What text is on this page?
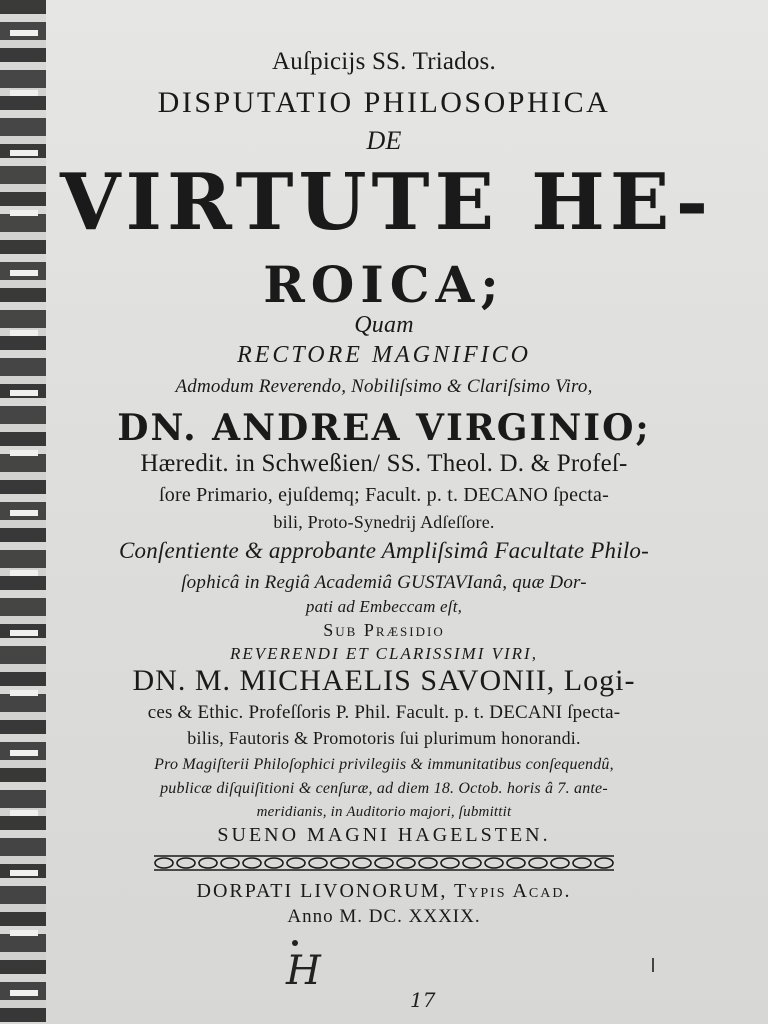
Auſpicijs SS. Triados.
DISPUTATIO PHILOSOPHICA
DE
VIRTUTE HE-
ROICA;
Quam
RECTORE MAGNIFICO
Admodum Reverendo, Nobiliſsimo & Clariſsimo Viro,
DN. ANDREA VIRGINIO;
Hæredit. in Schweßien/ SS. Theol. D. & Profeſ-
ſore Primario, ejuſdemq; Facult. p. t. DECANO ſpecta-
bili, Proto-Synedrij Adſeſſore.
Conſentiente & approbante Ampliſsimâ Facultate Philo-
ſophicâ in Regiâ Academiâ GUSTAVIanâ, quæ Dor-
pati ad Embeccam eſt,
Sub Præsidio
REVERENDI ET CLARISSIMI VIRI,
DN. M. MICHAELIS SAVONII, Logi-
ces & Ethic. Profeſſoris P. Phil. Facult. p. t. DECANI ſpecta-
bilis, Fautoris & Promotoris ſui plurimum honorandi.
Pro Magiſterii Philoſophici privilegiis & immunitatibus conſequendû,
publicæ diſquiſitioni & cenſuræ, ad diem 18. Octob. horis â 7. ante-
meridianis, in Auditorio majori, ſubmittit
SUENO MAGNI HAGELSTEN.
DORPATI LIVONORUM, Typis Acad.
Anno M. DC. XXXIX.
H
17
